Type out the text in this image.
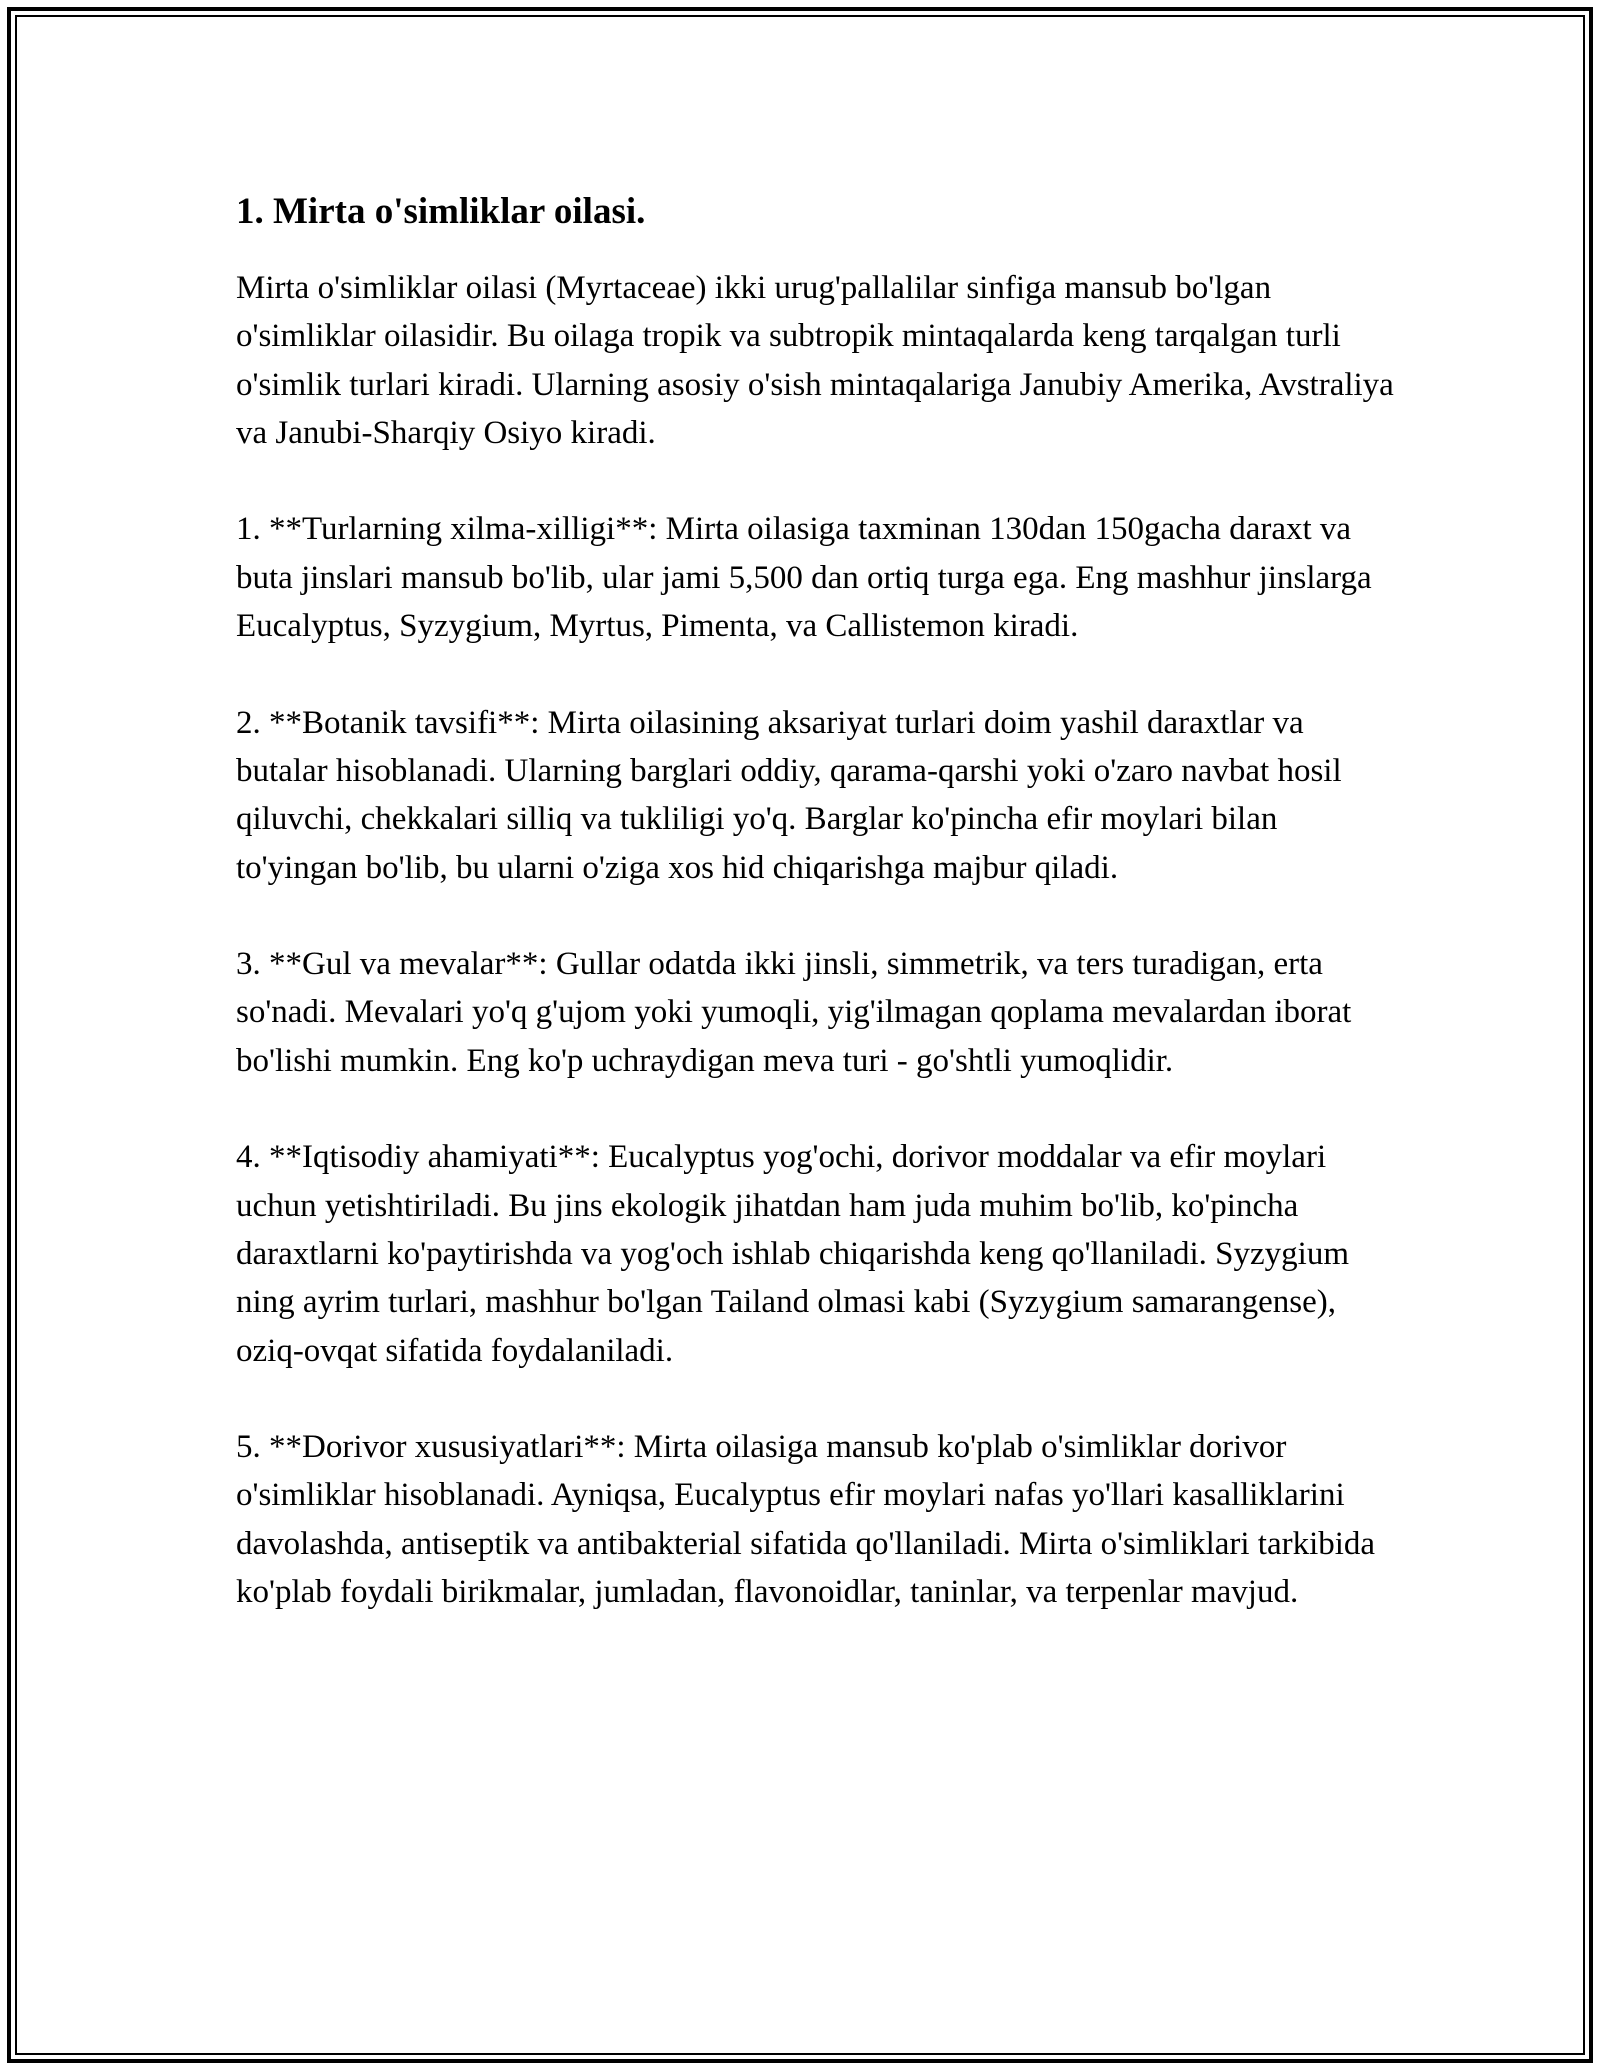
1. Mirta o'simliklar oilasi.

Mirta o'simliklar oilasi (Myrtaceae) ikki urug'pallalilar sinfiga mansub bo'lgan o'simliklar oilasidir. Bu oilaga tropik va subtropik mintaqalarda keng tarqalgan turli o'simlik turlari kiradi. Ularning asosiy o'sish mintaqalariga Janubiy Amerika, Avstraliya va Janubi-Sharqiy Osiyo kiradi.

1. **Turlarning xilma-xilligi**: Mirta oilasiga taxminan 130dan 150gacha daraxt va buta jinslari mansub bo'lib, ular jami 5,500 dan ortiq turga ega. Eng mashhur jinslarga Eucalyptus, Syzygium, Myrtus, Pimenta, va Callistemon kiradi.

2. **Botanik tavsifi**: Mirta oilasining aksariyat turlari doim yashil daraxtlar va butalar hisoblanadi. Ularning barglari oddiy, qarama-qarshi yoki o'zaro navbat hosil qiluvchi, chekkalari silliq va tukliligi yo'q. Barglar ko'pincha efir moylari bilan to'yingan bo'lib, bu ularni o'ziga xos hid chiqarishga majbur qiladi.

3. **Gul va mevalar**: Gullar odatda ikki jinsli, simmetrik, va ters turadigan, erta so'nadi. Mevalari yo'q g'ujom yoki yumoqli, yig'ilmagan qoplama mevalardan iborat bo'lishi mumkin. Eng ko'p uchraydigan meva turi - go'shtli yumoqlidir.

4. **Iqtisodiy ahamiyati**: Eucalyptus yog'ochi, dorivor moddalar va efir moylari uchun yetishtiriladi. Bu jins ekologik jihatdan ham juda muhim bo'lib, ko'pincha daraxtlarni ko'paytirishda va yog'och ishlab chiqarishda keng qo'llaniladi. Syzygium ning ayrim turlari, mashhur bo'lgan Tailand olmasi kabi (Syzygium samarangense), oziq-ovqat sifatida foydalaniladi.

5. **Dorivor xususiyatlari**: Mirta oilasiga mansub ko'plab o'simliklar dorivor o'simliklar hisoblanadi. Ayniqsa, Eucalyptus efir moylari nafas yo'llari kasalliklarini davolashda, antiseptik va antibakterial sifatida qo'llaniladi. Mirta o'simliklari tarkibida ko'plab foydali birikmalar, jumladan, flavonoidlar, taninlar, va terpenlar mavjud.
